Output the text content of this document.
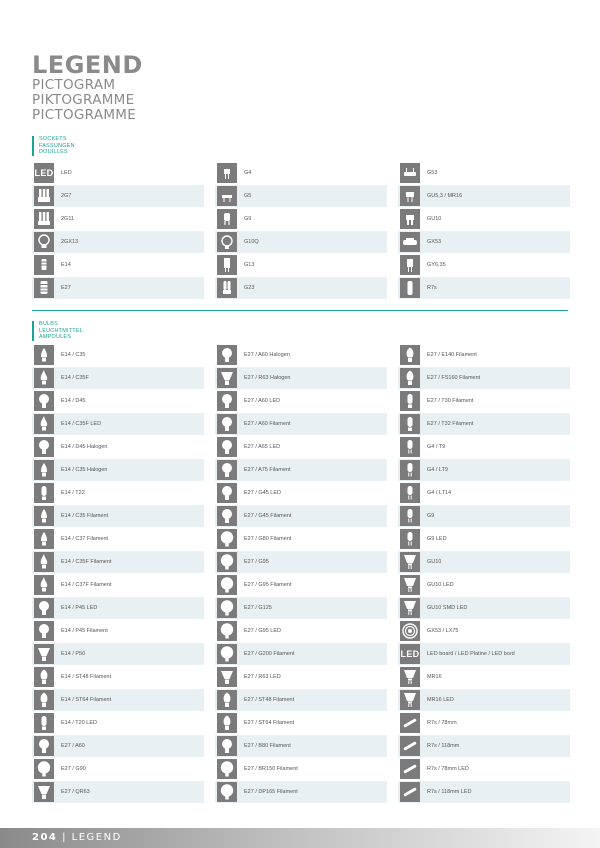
LEGEND
PICTOGRAM
PIKTOGRAMME
PICTOGRAMME
SOCKETS
FASSUNGEN
DOUILLES
LED LED
2G7
2G11
2GX13
E14
E27
G4
G5
G9
G10Q
G13
G23
G53
GU5,3 / MR16
GU10
GX53
GY6,35
R7s
BULBS
LEUCHTMITTEL
AMPOULES
E14 / C35
E14 / C35F
E14 / D45
E14 / C35F LED
E14 / D45 Halogen
E14 / C35 Halogen
E14 / T22
E14 / C35 Filament
E14 / C37 Filament
E14 / C35F Filament
E14 / C37F Filament
E14 / P45 LED
E14 / P45 Filament
E14 / P50
E14 / ST48 Filament
E14 / ST64 Filament
E14 / T20 LED
E27 / A60
E27 / G90
E27 / QR63
E27 / A60 Halogen
E27 / R63 Halogen
E27 / A60 LED
E27 / A60 Filament
E27 / A65 LED
E27 / A75 Filament
E27 / G45 LED
E27 / G45 Filament
E27 / G80 Filament
E27 / G95
E27 / G95 Filament
E27 / G125
E27 / G95 LED
E27 / G200 Filament
E27 / R63 LED
E27 / ST48 Filament
E27 / ST64 Filament
E27 / B80 Filament
E27 / BR150 Filament
E27 / DP165 Filament
E27 / E140 Filament
E27 / FS160 Filament
E27 / T30 Filament
E27 / T32 Filament
G4 / T9
G4 / LT9
G4 / LT14
G9
G9 LED
GU10
GU10 LED
GU10 SMD LED
GX53 / LX75
LED LED board / LED Platine / LED bord
MR16
MR16 LED
R7s / 78mm
R7s / 118mm
R7s / 78mm LED
R7s / 118mm LED
204 | LEGEND
